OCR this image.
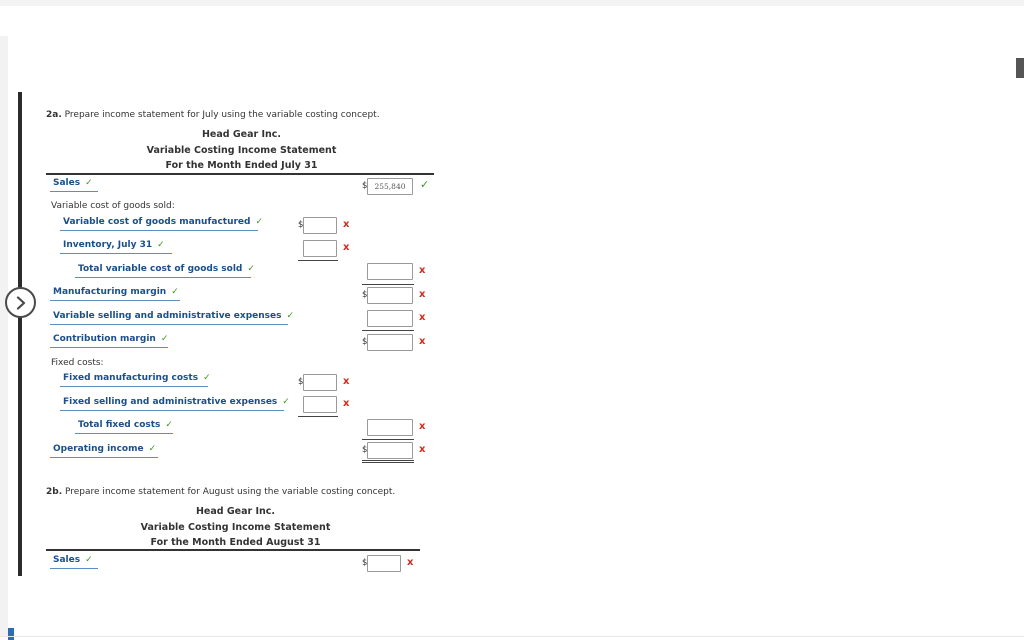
2a. Prepare income statement for July using the variable costing concept.
Head Gear Inc.
Variable Costing Income Statement
For the Month Ended July 31
Sales ✓	$ 255,840	✓
Variable cost of goods sold:
Variable cost of goods manufactured ✓	$	x
Inventory, July 31 ✓	x
Total variable cost of goods sold ✓	x
Manufacturing margin ✓	$	x
Variable selling and administrative expenses ✓	x
Contribution margin ✓	$	x
Fixed costs:
Fixed manufacturing costs ✓	$	x
Fixed selling and administrative expenses ✓	x
Total fixed costs ✓	x
Operating income ✓	$	x
2b. Prepare income statement for August using the variable costing concept.
Head Gear Inc.
Variable Costing Income Statement
For the Month Ended August 31
Sales ✓	$	x
